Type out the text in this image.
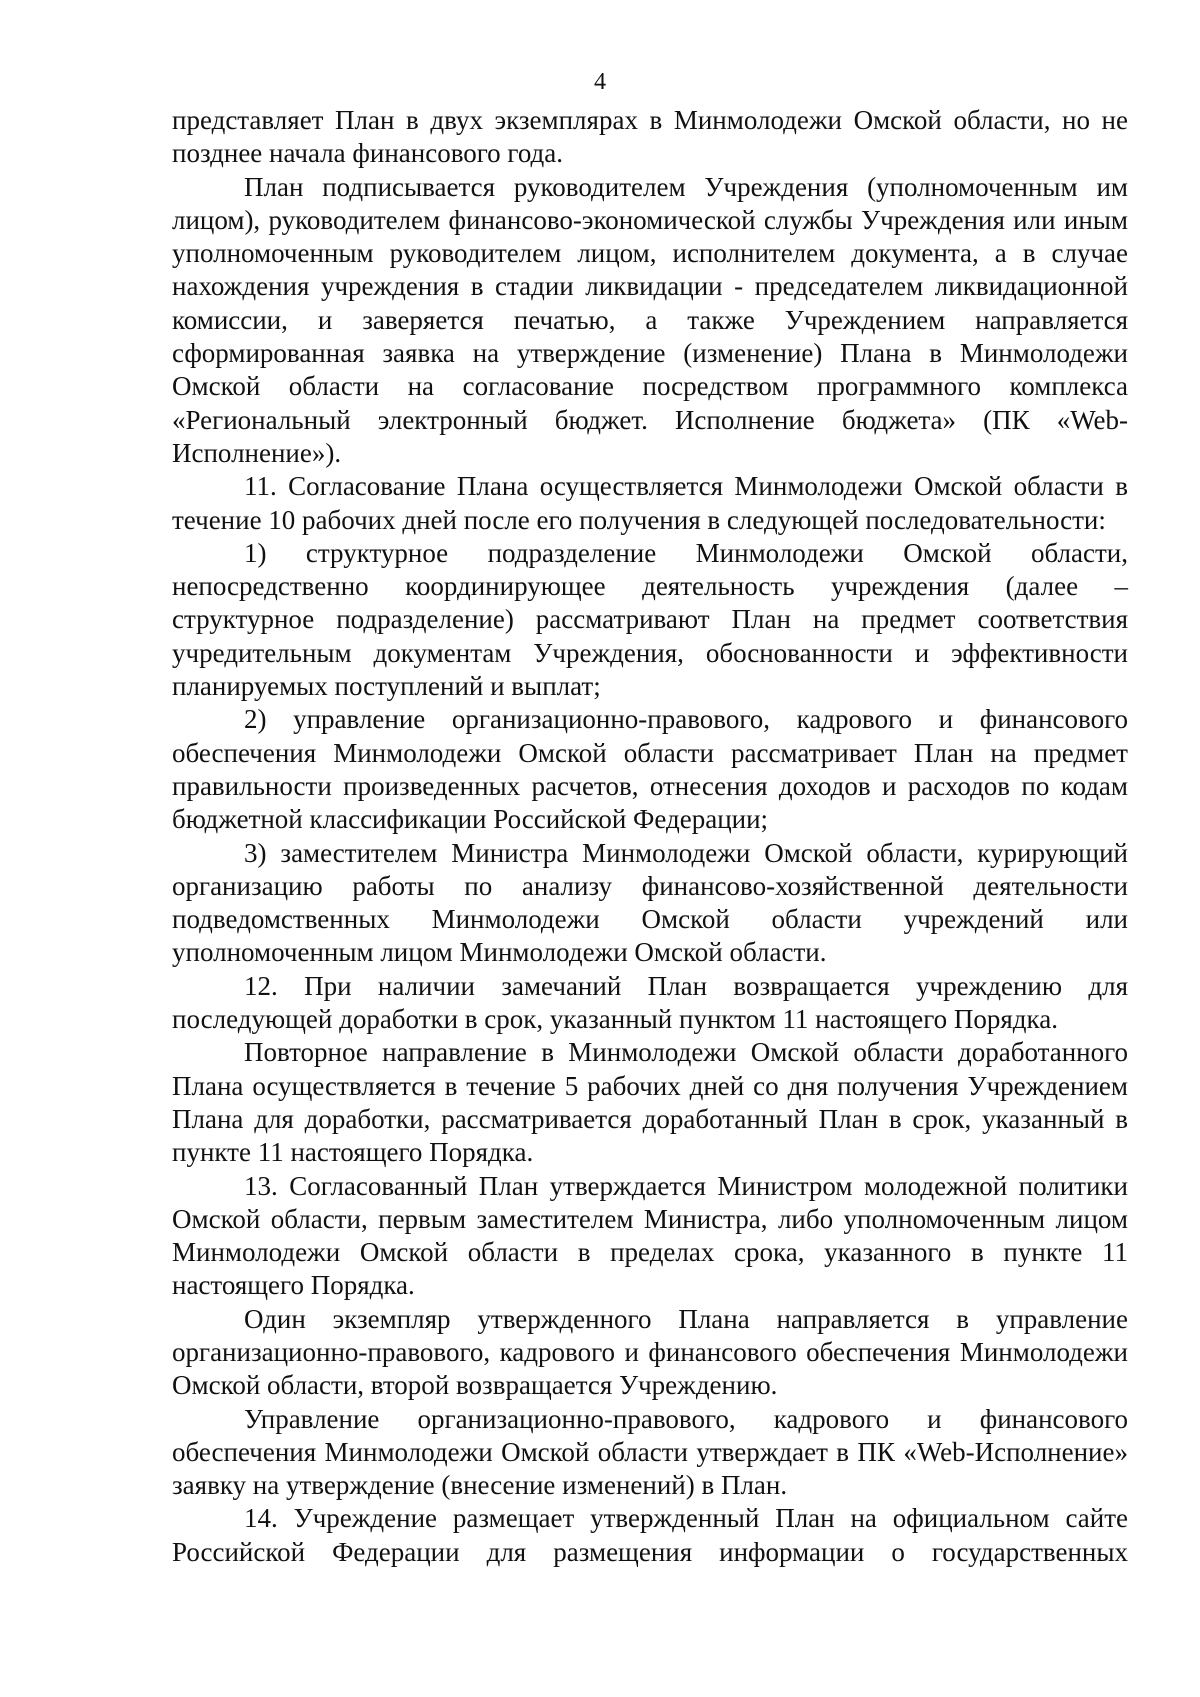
4

представляет План в двух экземплярах в Минмолодежи Омской области, но не позднее начала финансового года.

План подписывается руководителем Учреждения (уполномоченным им лицом), руководителем финансово-экономической службы Учреждения или иным уполномоченным руководителем лицом, исполнителем документа, а в случае нахождения учреждения в стадии ликвидации - председателем ликвидационной комиссии, и заверяется печатью, а также Учреждением направляется сформированная заявка на утверждение (изменение) Плана в Минмолодежи Омской области на согласование посредством программного комплекса «Региональный электронный бюджет. Исполнение бюджета» (ПК «Web-Исполнение»).

11. Согласование Плана осуществляется Минмолодежи Омской области в течение 10 рабочих дней после его получения в следующей последовательности:

1) структурное подразделение Минмолодежи Омской области, непосредственно координирующее деятельность учреждения (далее – структурное подразделение) рассматривают План на предмет соответствия учредительным документам Учреждения, обоснованности и эффективности планируемых поступлений и выплат;

2) управление организационно-правового, кадрового и финансового обеспечения Минмолодежи Омской области рассматривает План на предмет правильности произведенных расчетов, отнесения доходов и расходов по кодам бюджетной классификации Российской Федерации;

3) заместителем Министра Минмолодежи Омской области, курирующий организацию работы по анализу финансово-хозяйственной деятельности подведомственных Минмолодежи Омской области учреждений или уполномоченным лицом Минмолодежи Омской области.

12. При наличии замечаний План возвращается учреждению для последующей доработки в срок, указанный пунктом 11 настоящего Порядка.

Повторное направление в Минмолодежи Омской области доработанного Плана осуществляется в течение 5 рабочих дней со дня получения Учреждением Плана для доработки, рассматривается доработанный План в срок, указанный в пункте 11 настоящего Порядка.

13. Согласованный План утверждается Министром молодежной политики Омской области, первым заместителем Министра, либо уполномоченным лицом Минмолодежи Омской области в пределах срока, указанного в пункте 11 настоящего Порядка.

Один экземпляр утвержденного Плана направляется в управление организационно-правового, кадрового и финансового обеспечения Минмолодежи Омской области, второй возвращается Учреждению.

Управление организационно-правового, кадрового и финансового обеспечения Минмолодежи Омской области утверждает в ПК «Web-Исполнение» заявку на утверждение (внесение изменений) в План.

14. Учреждение размещает утвержденный План на официальном сайте Российской Федерации для размещения информации о государственных
